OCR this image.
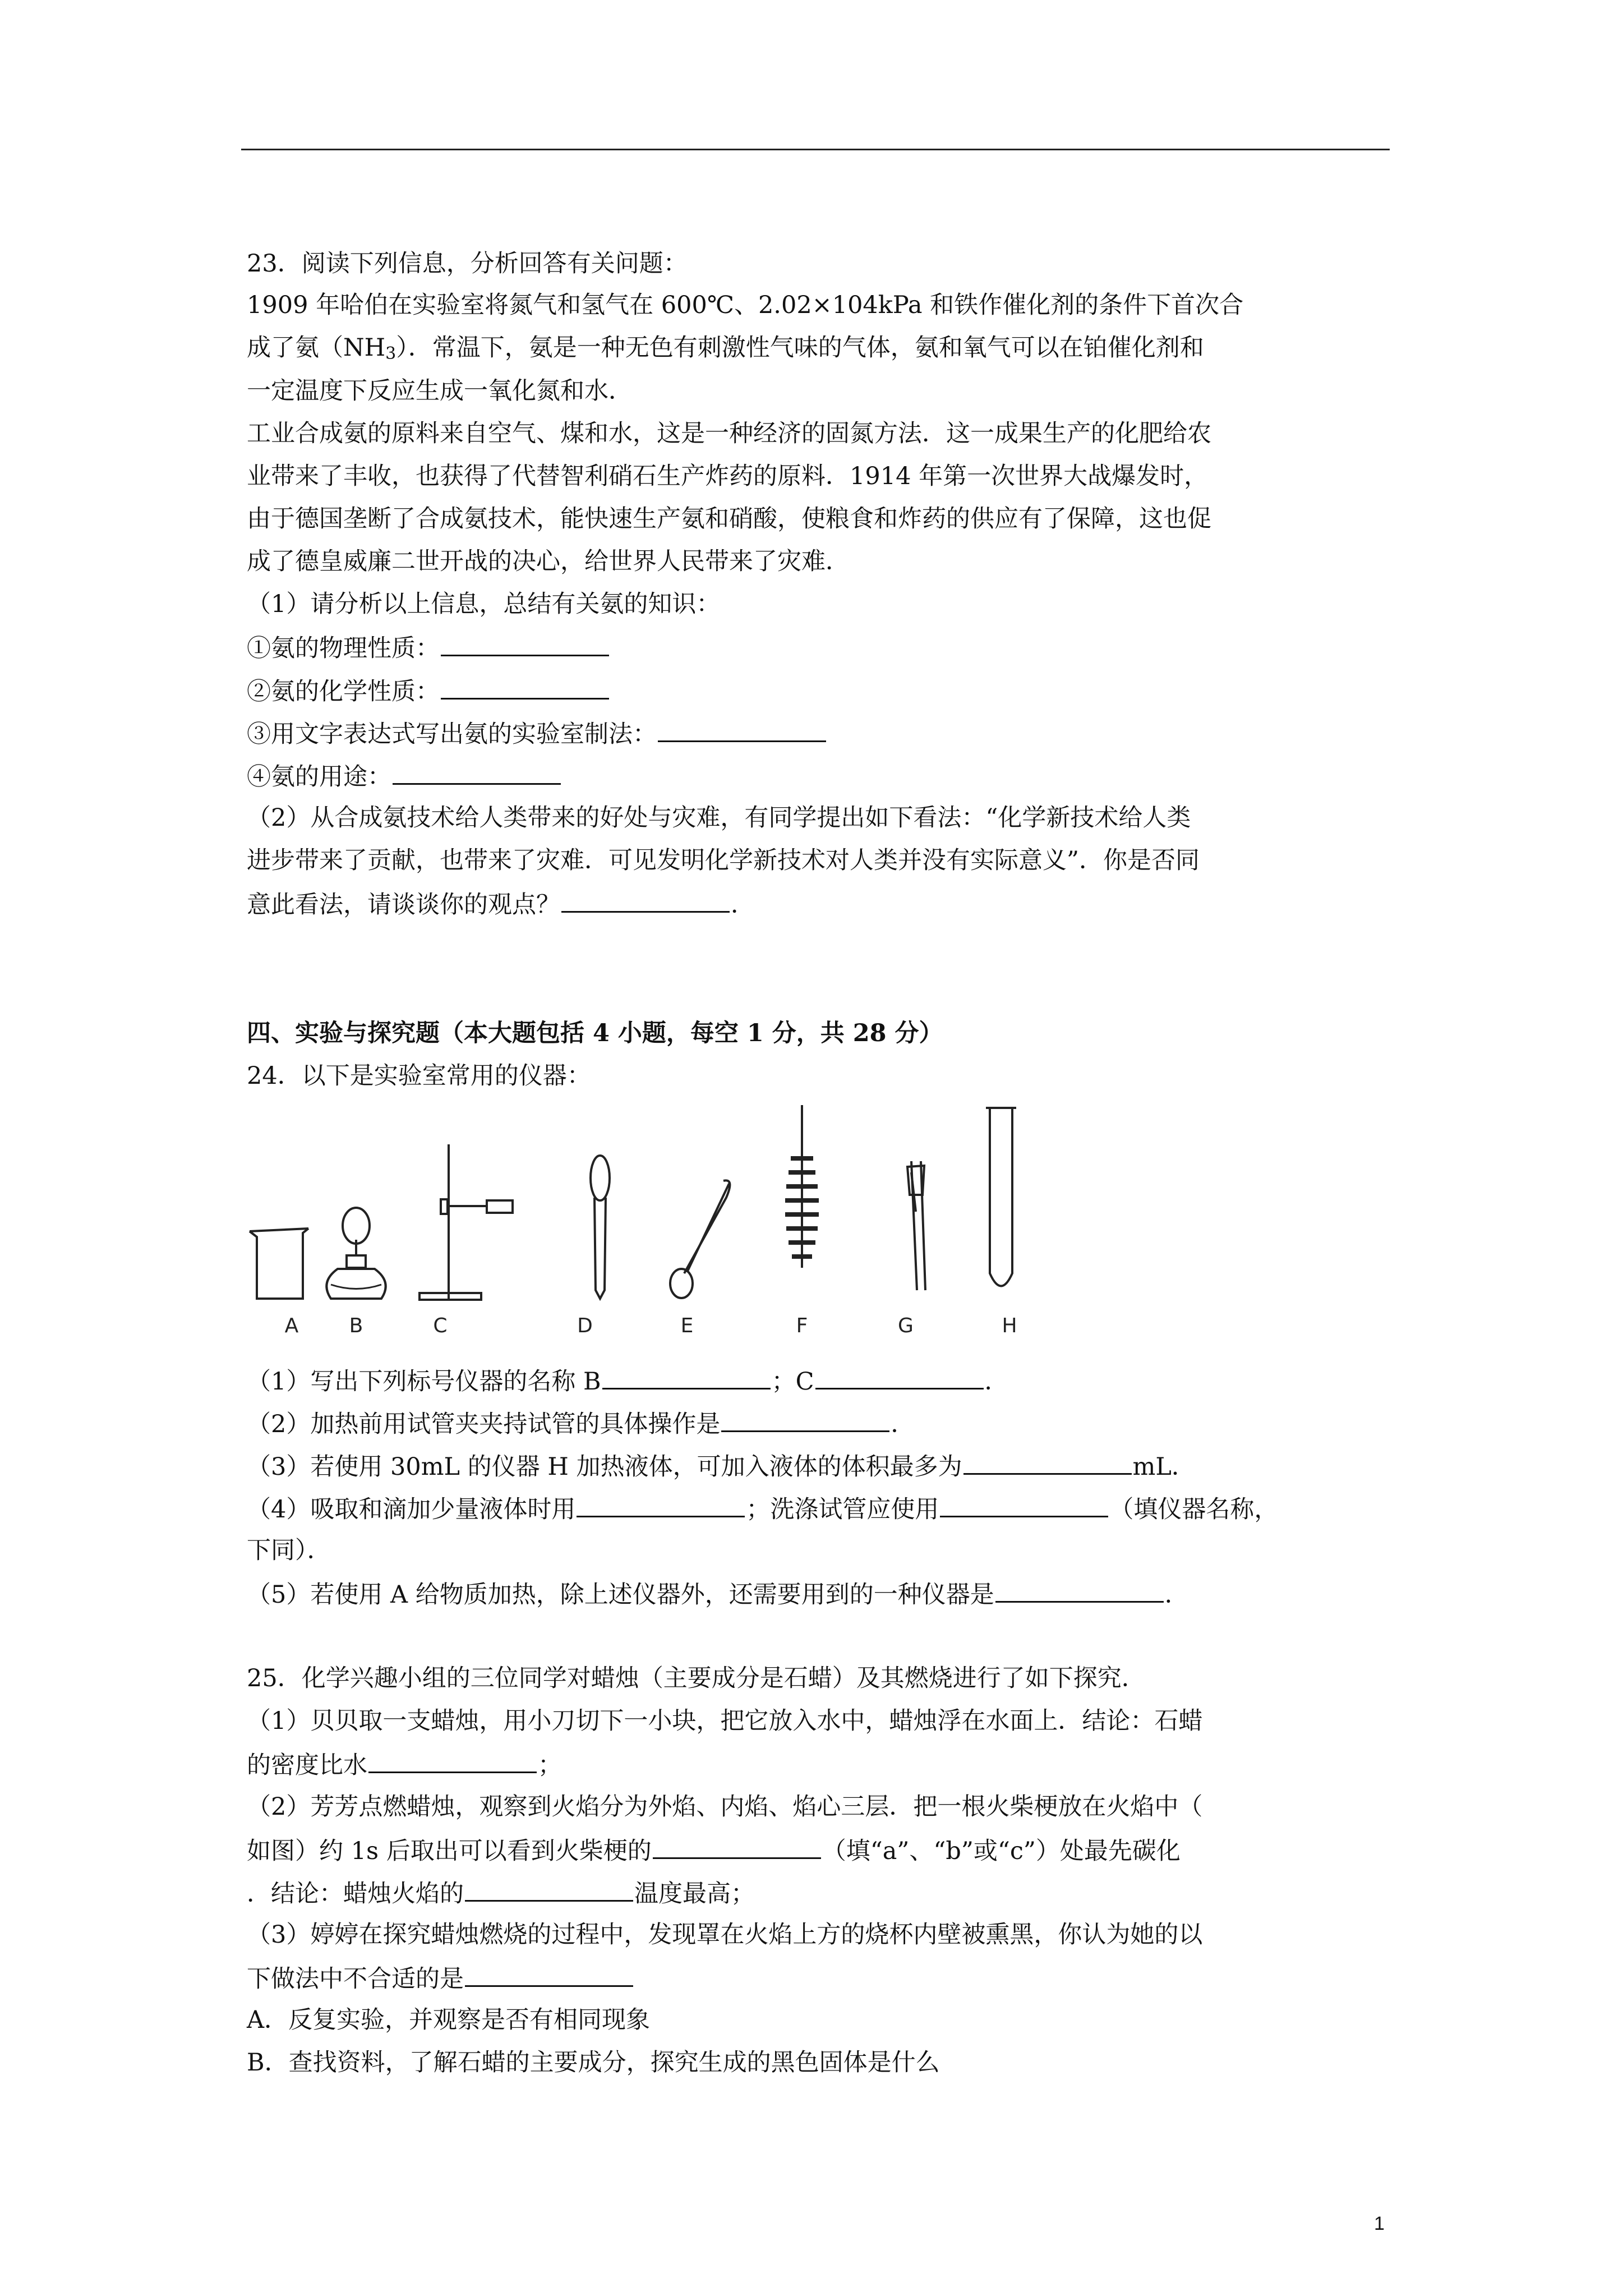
23．阅读下列信息，分析回答有关问题：
1909 年哈伯在实验室将氮气和氢气在 600℃、2.02×104kPa 和铁作催化剂的条件下首次合
成了氨$(NH_3)$．常温下，氨是一种无色有刺激性气味的气体，氨和氧气可以在铂催化剂和
一定温度下反应生成一氧化氮和水．
工业合成氨的原料来自空气、煤和水，这是一种经济的固氮方法．这一成果生产的化肥给农
业带来了丰收，也获得了代替智利硝石生产炸药的原料．1914 年第一次世界大战爆发时，
由于德国垄断了合成氨技术，能快速生产氨和硝酸，使粮食和炸药的供应有了保障，这也促
成了德皇威廉二世开战的决心，给世界人民带来了灾难．
（1）请分析以上信息，总结有关氨的知识：
①氨的物理性质：
②氨的化学性质：
③用文字表达式写出氨的实验室制法：
④氨的用途：
（2）从合成氨技术给人类带来的好处与灾难，有同学提出如下看法：“化学新技术给人类
进步带来了贡献，也带来了灾难．可见发明化学新技术对人类并没有实际意义”．你是否同
意此看法，请谈谈你的观点？	．
四、实验与探究题（本大题包括 4 小题，每空 1 分，共 28 分）
24．以下是实验室常用的仪器：
A	B	C	D	E	F	G	H
（1）写出下列标号仪器的名称 B	；C	．
（2）加热前用试管夹夹持试管的具体操作是	．
（3）若使用 30mL 的仪器 H 加热液体，可加入液体的体积最多为	mL．
（4）吸取和滴加少量液体时用	；洗涤试管应使用	（填仪器名称，
下同）．
（5）若使用 A 给物质加热，除上述仪器外，还需要用到的一种仪器是	．
25．化学兴趣小组的三位同学对蜡烛（主要成分是石蜡）及其燃烧进行了如下探究．
（1）贝贝取一支蜡烛，用小刀切下一小块，把它放入水中，蜡烛浮在水面上．结论：石蜡
的密度比水	；
（2）芳芳点燃蜡烛，观察到火焰分为外焰、内焰、焰心三层．把一根火柴梗放在火焰中（
如图）约 1s 后取出可以看到火柴梗的	（填“a”、“b”或“c”）处最先碳化
．结论：蜡烛火焰的	温度最高；
（3）婷婷在探究蜡烛燃烧的过程中，发现罩在火焰上方的烧杯内壁被熏黑，你认为她的以
下做法中不合适的是
A．反复实验，并观察是否有相同现象
B．查找资料，了解石蜡的主要成分，探究生成的黑色固体是什么
1
